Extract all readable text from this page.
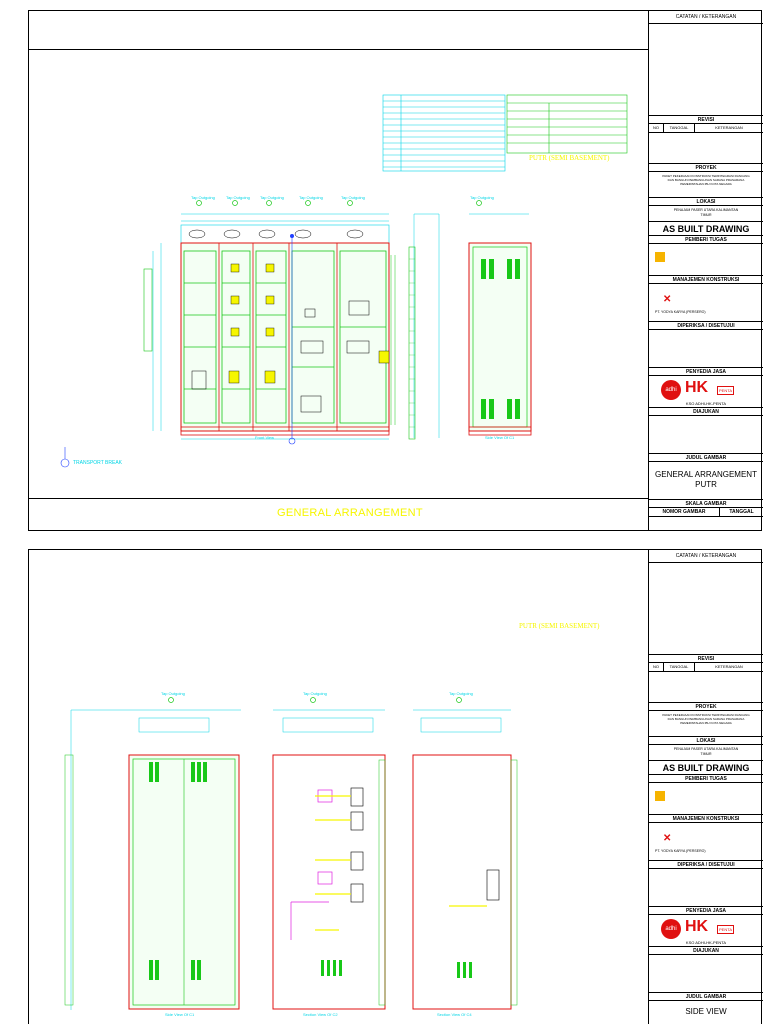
PUTR (SEMI BASEMENT)
Tap Outgoing	Tap Outgoing	Tap Outgoing	Tap Outgoing	Tap Outgoing	Tap Outgoing
Front View	Side View Of C1
TRANSPORT BREAK
GENERAL ARRANGEMENT
CATATAN / KETERANGAN
REVISI
NO	TANGGAL	KETERANGAN
PROYEK
PAKET PEKERJAAN KONSTRUKSI TERINTEGRASI RANCANG DAN BANGUN PEMBANGUNAN SARANA PRASARANA PEMERINTAHAN IBU KOTA NEGARA
LOKASI
PENAJAM PASER UTARA KALIMANTAN TIMUR
AS BUILT DRAWING
PEMBERI TUGAS
MANAJEMEN KONSTRUKSI
✕
PT. YODYA KARYA (PERSERO)
DIPERIKSA / DISETUJUI
PENYEDIA JASA
adhi HK	PENTA
KSO ADHI-HK-PENTA
DIAJUKAN
JUDUL GAMBAR
GENERAL ARRANGEMENT PUTR
SKALA GAMBAR
NOMOR GAMBAR	TANGGAL
PUTR (SEMI BASEMENT)
Tap Outgoing	Tap Outgoing	Tap Outgoing
Side View Of C1	Section View Of C2	Section View Of C4
CATATAN / KETERANGAN
REVISI
NO	TANGGAL	KETERANGAN
PROYEK
PAKET PEKERJAAN KONSTRUKSI TERINTEGRASI RANCANG DAN BANGUN PEMBANGUNAN SARANA PRASARANA PEMERINTAHAN IBU KOTA NEGARA
LOKASI
PENAJAM PASER UTARA KALIMANTAN TIMUR
AS BUILT DRAWING
PEMBERI TUGAS
MANAJEMEN KONSTRUKSI
✕
PT. YODYA KARYA (PERSERO)
DIPERIKSA / DISETUJUI
PENYEDIA JASA
adhi HK	PENTA
KSO ADHI-HK-PENTA
DIAJUKAN
JUDUL GAMBAR
SIDE VIEW
